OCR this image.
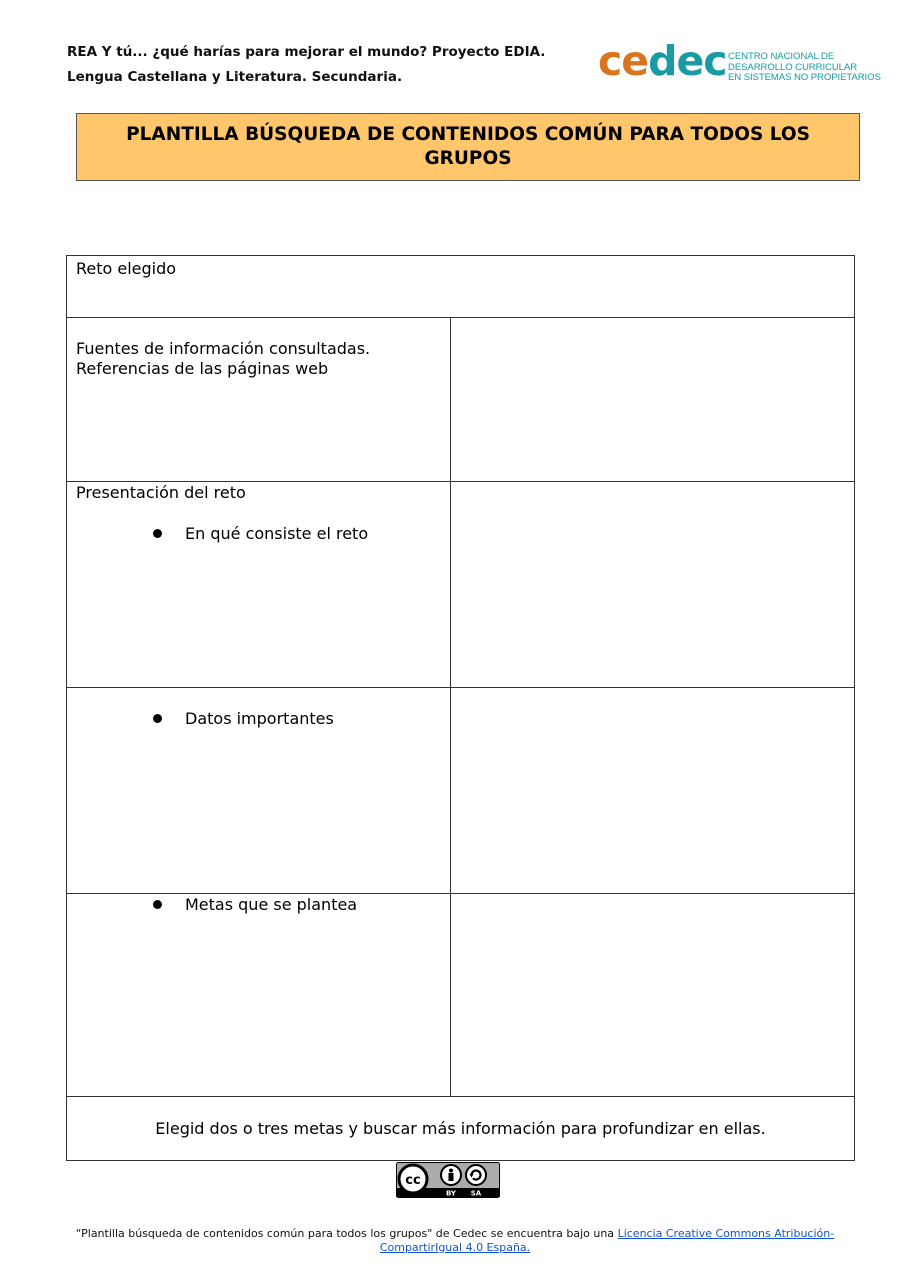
REA Y tú... ¿qué harías para mejorar el mundo? Proyecto EDIA.
Lengua Castellana y Literatura. Secundaria.	cedec CENTRO NACIONAL DE
DESARROLLO CURRICULAR
EN SISTEMAS NO PROPIETARIOS
PLANTILLA BÚSQUEDA DE CONTENIDOS COMÚN PARA TODOS LOS GRUPOS
Reto elegido	

Fuentes de información consultadas.
Referencias de las páginas web	

Presentación del reto
En qué consiste el reto	

Datos importantes	

Metas que se plantea	

Elegid dos o tres metas y buscar más información para profundizar en ellas.	
cc
BY SA
“Plantilla búsqueda de contenidos común para todos los grupos" de Cedec se encuentra bajo una Licencia Creative Commons Atribución-CompartirIgual 4.0 España.
